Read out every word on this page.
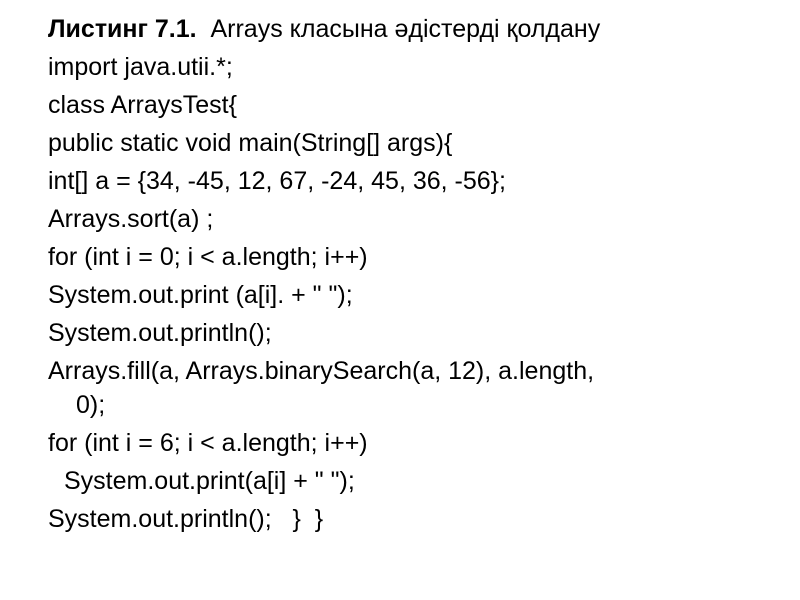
Листинг 7.1.  Arrays класына әдістерді қолдану
import java.utii.*;
class ArraysTest{
public static void main(String[] args){
int[] a = {34, -45, 12, 67, -24, 45, 36, -56};
Arrays.sort(a) ;
for (int i = 0; i < a.length; i++)
System.out.print (a[i]. + " ");
System.out.println();
Arrays.fill(a, Arrays.binarySearch(a, 12), a.length,
0);
for (int i = 6; i < a.length; i++)
System.out.print(a[i] + " ");
System.out.println();   }  }
